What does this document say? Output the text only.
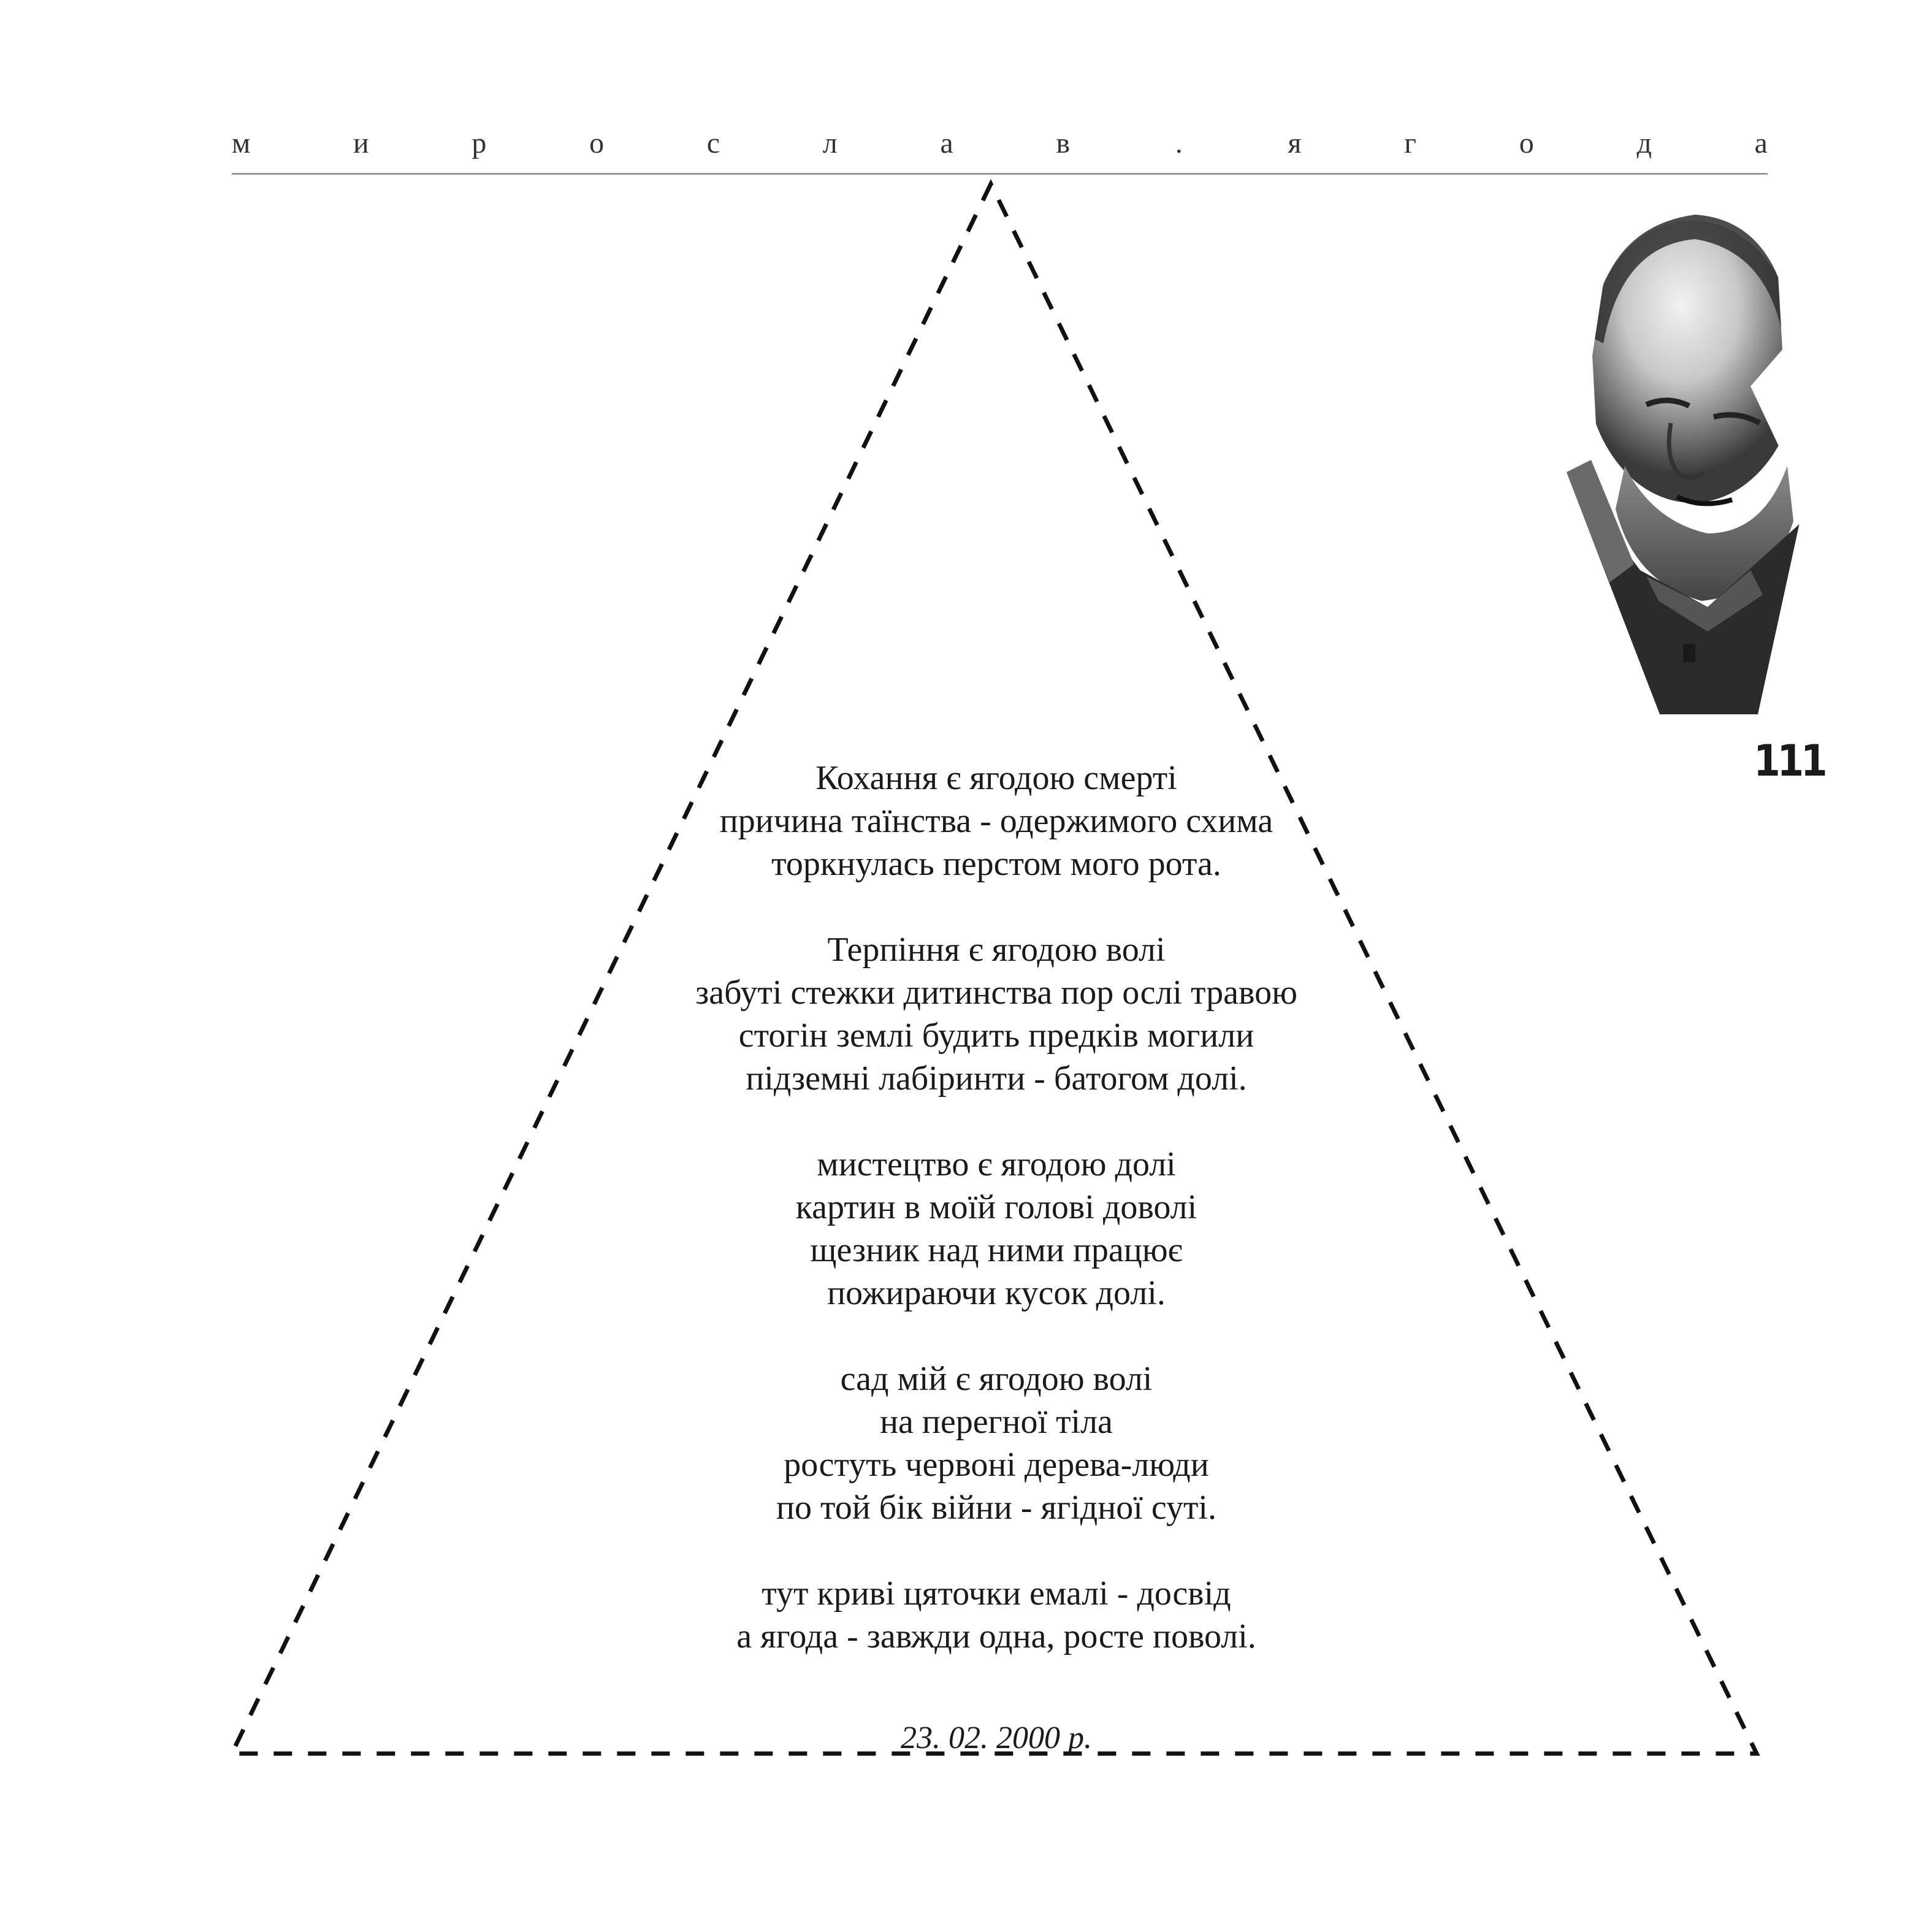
м	и	р	о	с	л	а	в	.	я	г	о	д	а
111
Кохання є ягодою смерті
причина таїнства - одержимого схима
торкнулась перстом мого рота.
Терпіння є ягодою волі
забуті стежки дитинства пор ослі травою
стогін землі будить предків могили
підземні лабіринти - батогом долі.
мистецтво є ягодою долі
картин в моїй голові доволі
щезник над ними працює
пожираючи кусок долі.
сад мій є ягодою волі
на перегної тіла
ростуть червоні дерева-люди
по той бік війни - ягідної суті.
тут криві цяточки емалі - досвід
а ягода - завжди одна, росте поволі.
23. 02. 2000 р.
